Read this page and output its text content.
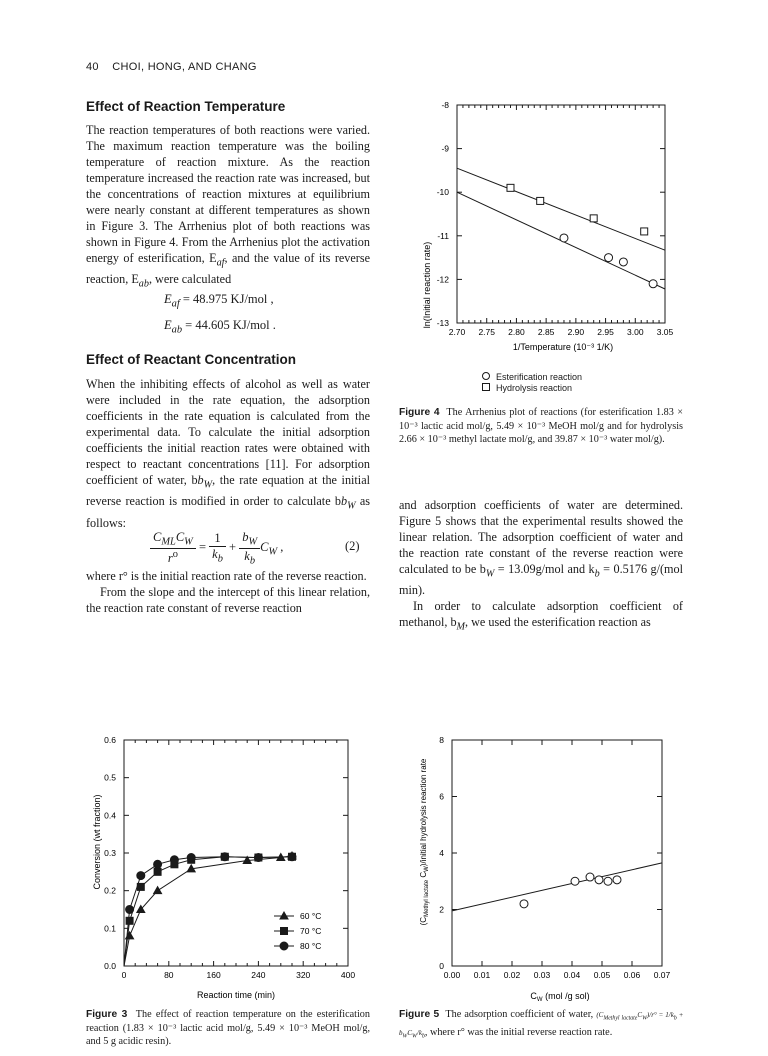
40 CHOI, HONG, AND CHANG
Effect of Reaction Temperature

The reaction temperatures of both reactions were varied. The maximum reaction temperature was the boiling temperature of reaction mixture. As the reaction temperature increased the reaction rate was increased, but the concentrations of reaction mixtures at equilibrium were nearly constant at different temperatures as shown in Figure 3. The Arrhenius plot of both reactions was shown in Figure 4. From the Arrhenius plot the activation energy of esterification, $E_{af}$, and the value of its reverse reaction, $E_{ab}$, were calculated

$E_{af} = 48.975$ KJ/mol ,
$E_{ab} = 44.605$ KJ/mol .
Effect of Reactant Concentration

When the inhibiting effects of alcohol as well as water were included in the rate equation, the adsorption coefficients in the rate equation is calculated from the experimental data. To calculate the initial adsorption coefficients the initial reaction rates were obtained with respect to reactant concentrations [11]. For adsorption coefficient of water, $bb_W$, the rate equation at the initial reverse reaction is modified in order to calculate $bb_W$ as follows:

$\frac{C_{ML}C_W}{r^o} = \frac{1}{k_b} + \frac{b_W}{k_b} C_W$ ,	(2)

where r° is the initial reaction rate of the reverse reaction.

From the slope and the intercept of this linear relation, the reaction rate constant of reverse reaction

and adsorption coefficients of water are determined. Figure 5 shows that the experimental results showed the linear relation. The adsorption coefficient of water and the reaction rate constant of the reverse reaction were calculated to be $b_W = 13.09g/mol$ and $k_b = 0.5176$ g/(mol min).

In order to calculate adsorption coefficient of methanol, $b_M$, we used the esterification reaction as

ln(Initial reaction rate)
1/Temperature (10⁻³ 1/K)
2.70 2.75 2.80 2.85 2.90 2.95 3.00 3.05
-8
-9
-10
-11
-12
-13
Esterification reaction
Hydrolysis reaction
Figure 4 The Arrhenius plot of reactions (for esterification 1.83 × 10⁻³ lactic acid mol/g, 5.49 × 10⁻³ MeOH mol/g and for hydrolysis 2.66 × 10⁻³ methyl lactate mol/g, and 39.87 × 10⁻³ water mol/g).
Conversion (wt fraction)
Reaction time (min)
0	80	160	240	320	400
0.0
0.1
0.2
0.3
0.4
0.5
0.6
60 °C
70 °C
80 °C
Figure 3 The effect of reaction temperature on the esterification reaction (1.83 × 10⁻³ lactic acid mol/g, 5.49 × 10⁻³ MeOH mol/g, and 5 g acidic resin).
($C_{Methyl lactate}$ $C_W$)/initial hydrolysis reaction rate
$C_W$ (mol /g sol)
0.00 0.01 0.02 0.03 0.04 0.05 0.06 0.07
0
2
4
6
8
Figure 5 The adsorption coefficient of water, $(C_{Methyl lactate}C_W)/r^\circ = 1/k_b + b_WC_W/k_b$, where r° was the initial reverse reaction rate.
